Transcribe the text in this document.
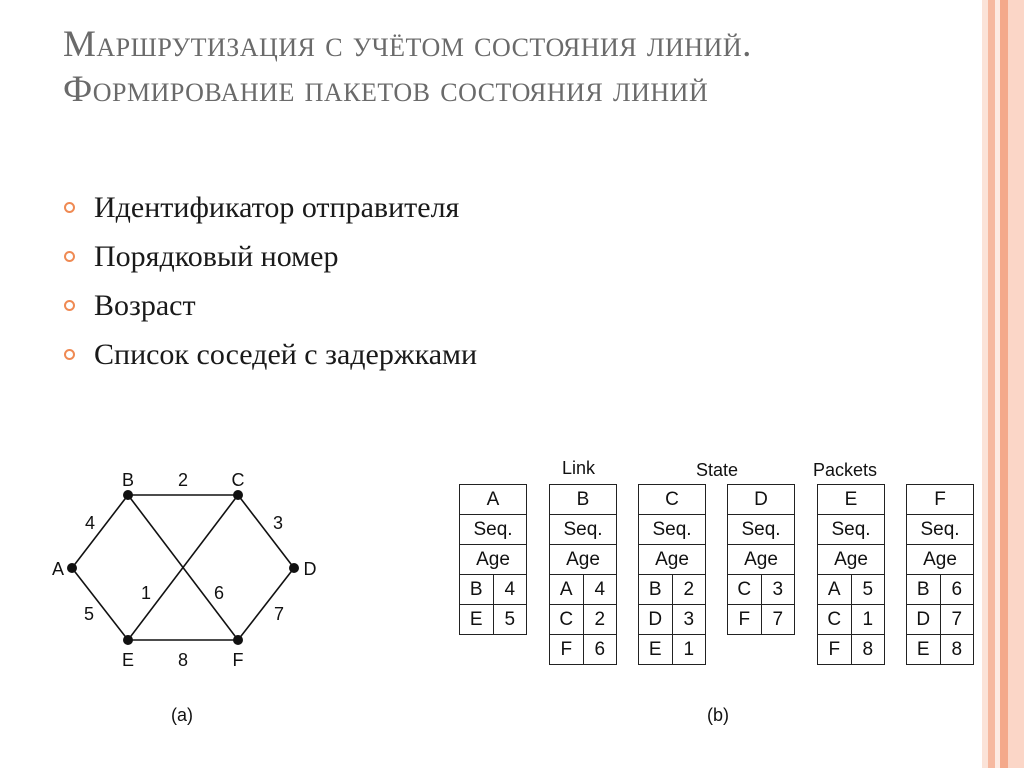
Маршрутизация с учётом состояния линий. Формирование пакетов состояния линий
Идентификатор отправителя
Порядковый номер
Возраст
Список соседей с задержками
2
4	3
5
1	6
7
8
A
B	C
D
E	F
(a)
Link	State	Packets
(b)
A	
Seq.	
Age	
B	4
E	5
B	
Seq.	
Age	
A	4
C	2
F	6
C	
Seq.	
Age	
B	2
D	3
E	1
D	
Seq.	
Age	
C	3
F	7
E	
Seq.	
Age	
A	5
C	1
F	8
F	
Seq.	
Age	
B	6
D	7
E	8
